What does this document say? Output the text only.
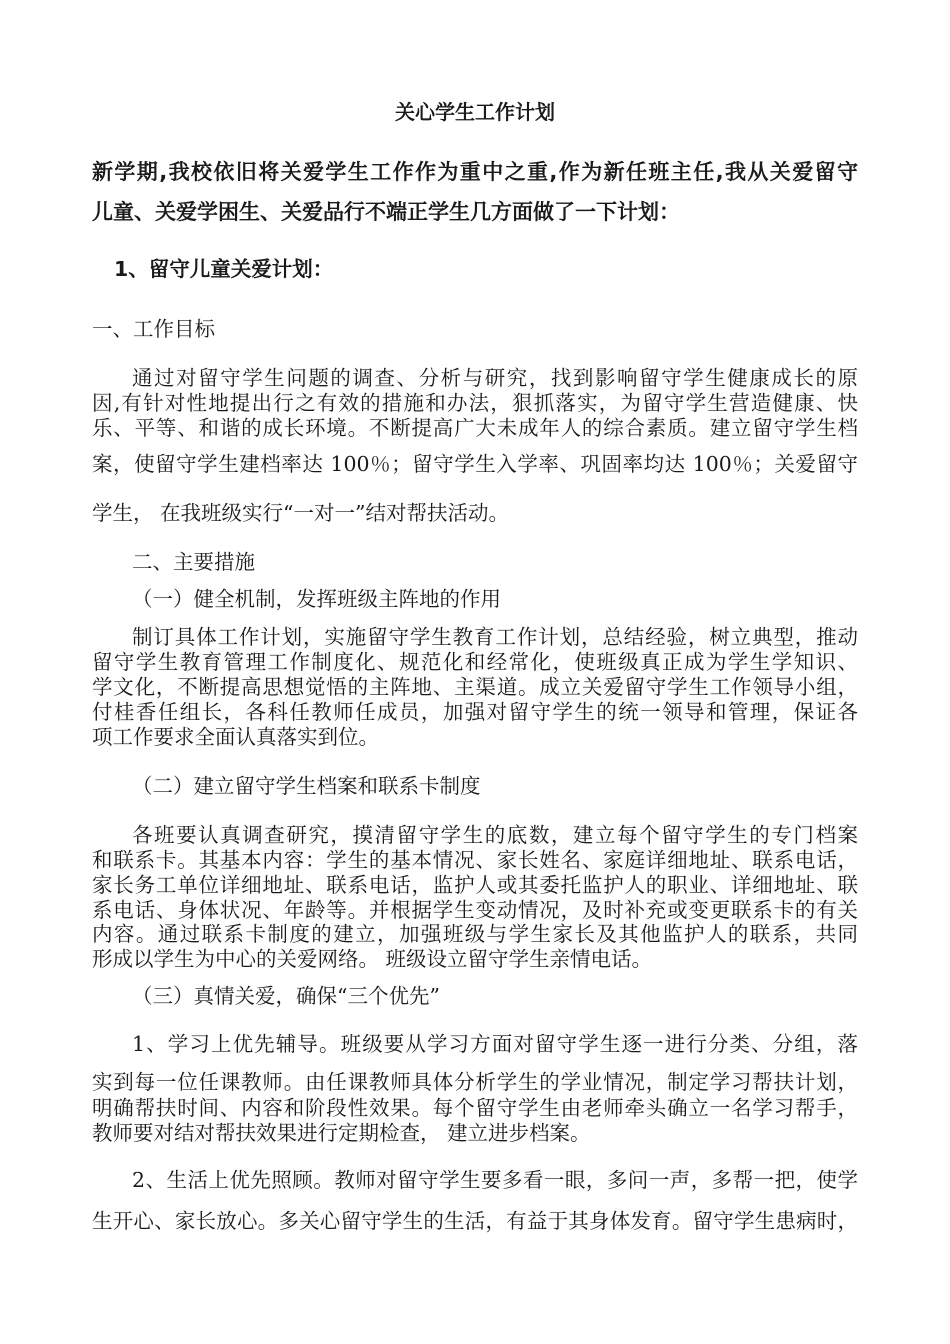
关心学生工作计划
新学期,我校依旧将关爱学生工作作为重中之重,作为新任班主任,我从关爱留守
儿童、关爱学困生、关爱品行不端正学生几方面做了一下计划：
1、留守儿童关爱计划：
一、工作目标
通过对留守学生问题的调查、分析与研究，找到影响留守学生健康成长的原
因,有针对性地提出行之有效的措施和办法，狠抓落实，为留守学生营造健康、快
乐、平等、和谐的成长环境。不断提高广大未成年人的综合素质。建立留守学生档
案，使留守学生建档率达 100％；留守学生入学率、巩固率均达 100％；关爱留守
学生， 在我班级实行“一对一”结对帮扶活动。
二、主要措施
（一）健全机制，发挥班级主阵地的作用
制订具体工作计划，实施留守学生教育工作计划，总结经验，树立典型，推动
留守学生教育管理工作制度化、规范化和经常化，使班级真正成为学生学知识、
学文化，不断提高思想觉悟的主阵地、主渠道。成立关爱留守学生工作领导小组，
付桂香任组长，各科任教师任成员，加强对留守学生的统一领导和管理，保证各
项工作要求全面认真落实到位。
（二）建立留守学生档案和联系卡制度
各班要认真调查研究，摸清留守学生的底数，建立每个留守学生的专门档案
和联系卡。其基本内容：学生的基本情况、家长姓名、家庭详细地址、联系电话，
家长务工单位详细地址、联系电话，监护人或其委托监护人的职业、详细地址、联
系电话、身体状况、年龄等。并根据学生变动情况，及时补充或变更联系卡的有关
内容。通过联系卡制度的建立，加强班级与学生家长及其他监护人的联系，共同
形成以学生为中心的关爱网络。 班级设立留守学生亲情电话。
（三）真情关爱，确保“三个优先”
1、学习上优先辅导。班级要从学习方面对留守学生逐一进行分类、分组，落
实到每一位任课教师。由任课教师具体分析学生的学业情况，制定学习帮扶计划，
明确帮扶时间、内容和阶段性效果。每个留守学生由老师牵头确立一名学习帮手，
教师要对结对帮扶效果进行定期检查， 建立进步档案。
2、生活上优先照顾。教师对留守学生要多看一眼，多问一声，多帮一把，使学
生开心、家长放心。多关心留守学生的生活，有益于其身体发育。留守学生患病时，
